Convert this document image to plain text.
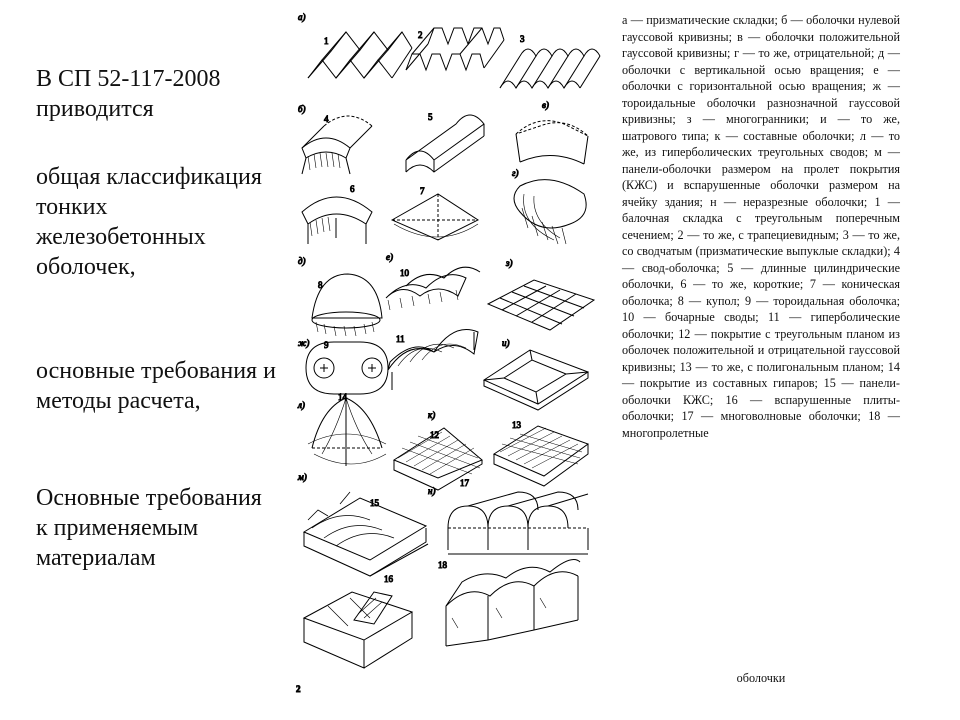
В СП 52-117-2008 приводится
общая классификация тонких железобетонных оболочек,
основные требования и методы расчета,
Основные требования к применяемым материалам
а)
б)	в)
г)
д)	е)
з)
ж)	и)
л)
к)
м)
н)
1
2	3
4	5
6	7
8
9
10
11
12
13
14
15
16
17
18
2
а — призматические складки; б — оболочки нулевой гауссовой кривизны; в — оболочки положительной гауссовой кривизны; г — то же, отрицательной; д — оболочки с вертикальной осью вращения; е — оболочки с горизонтальной осью вращения; ж — тороидальные оболочки разнозначной гауссовой кривизны; з — многогранники; и — то же, шатрового типа; к — составные оболочки; л — то же, из гиперболических треугольных сводов; м — панели-оболочки размером на пролет покрытия (КЖС) и вспарушенные оболочки размером на ячейку здания; н — неразрезные оболочки; 1 — балочная складка с треугольным поперечным сечением; 2 — то же, с трапециевидным; 3 — то же, со сводчатым (призматические выпуклые складки); 4 — свод-оболочка; 5 — длинные цилиндрические оболочки, 6 — то же, короткие; 7 — коническая оболочка; 8 — купол; 9 — тороидальная оболочка; 10 — бочарные своды; 11 — гиперболические оболочки; 12 — покрытие с треугольным планом из оболочек положительной и отрицательной гауссовой кривизны; 13 — то же, с полигональным планом; 14 — покрытие из составных гипаров; 15 — панели-оболочки КЖС; 16 — вспарушенные плиты-оболочки; 17 — многоволновые оболочки; 18 — многопролетные
оболочки
